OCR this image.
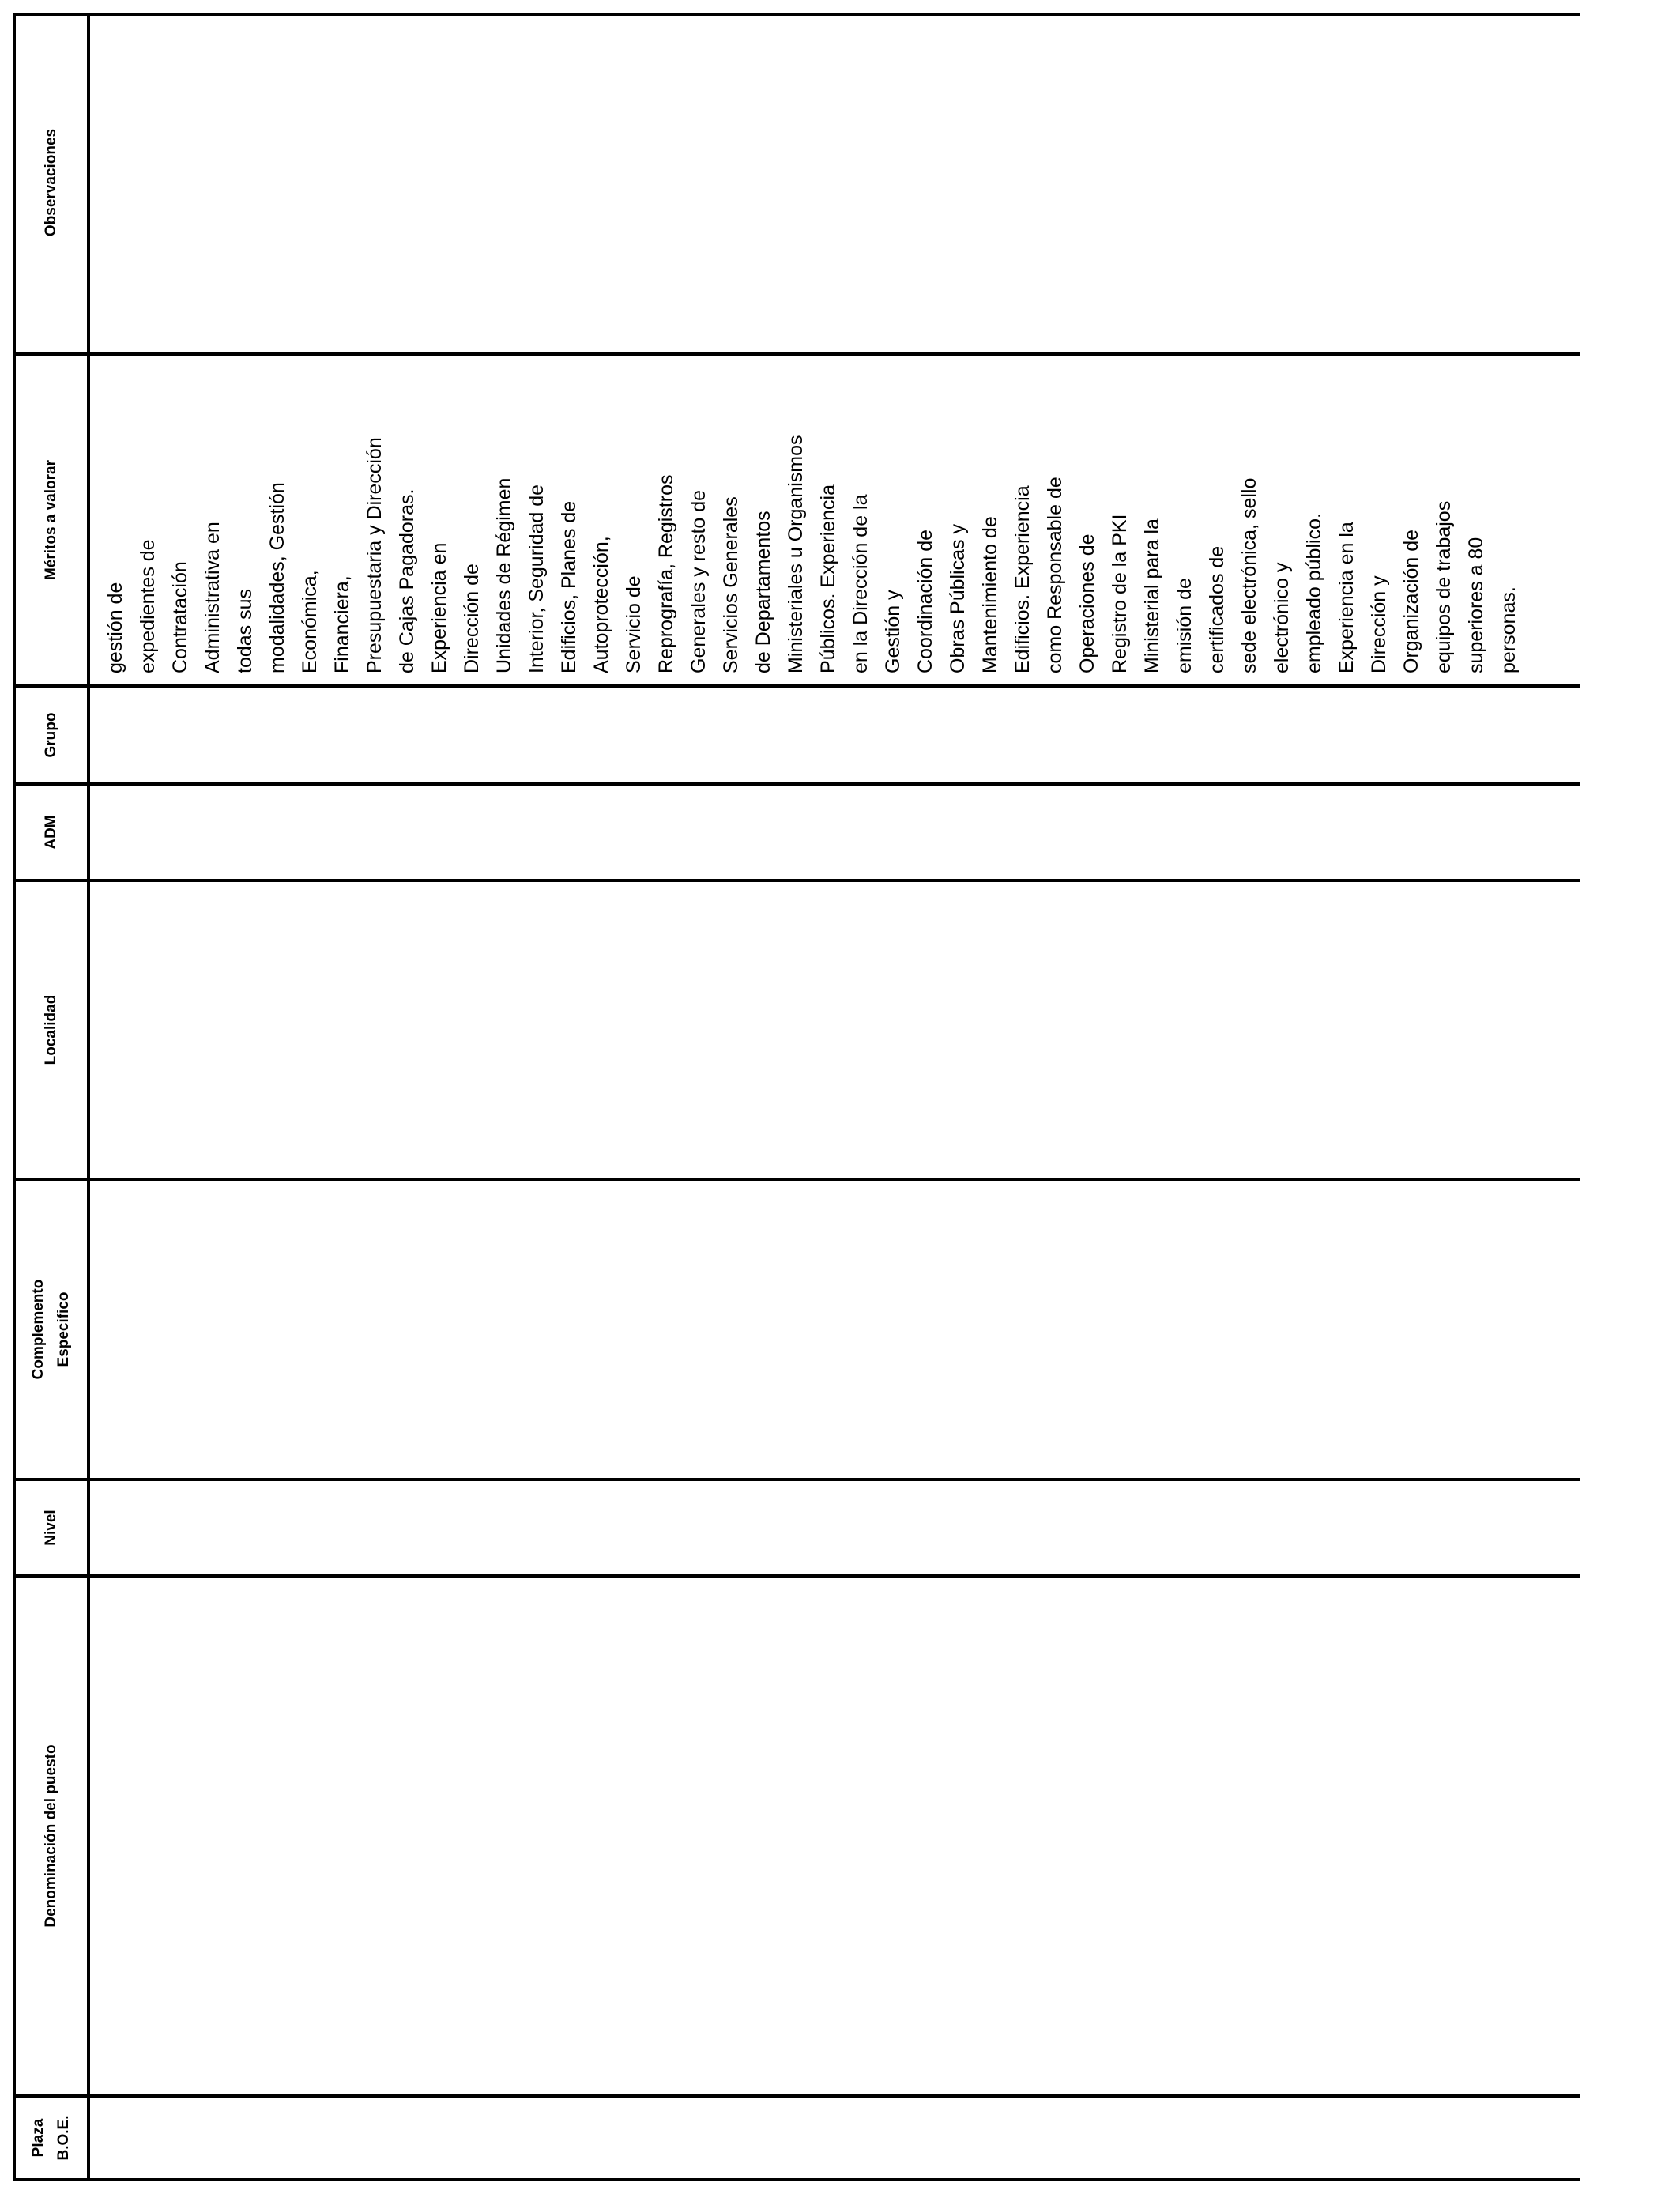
Plaza
B.O.E.
Denominación del puesto
Nivel
Complemento
Especifico
Localidad
ADM
Grupo
Méritos a valorar
Observaciones
gestión de expedientes de Contratación Administrativa en todas sus modalidades, Gestión Económica, Financiera, Presupuestaria y Dirección de Cajas Pagadoras. Experiencia en Dirección de Unidades de Régimen Interior, Seguridad de Edificios, Planes de Autoprotección, Servicio de Reprografía, Registros Generales y resto de Servicios Generales de Departamentos Ministeriales u Organismos Públicos. Experiencia en la Dirección de la Gestión y Coordinación de Obras Públicas y Mantenimiento de Edificios. Experiencia como Responsable de Operaciones de Registro de la PKI Ministerial para la emisión de certificados de sede electrónica, sello electrónico y empleado público. Experiencia en la Dirección y Organización de equipos de trabajos superiores a 80 personas.
